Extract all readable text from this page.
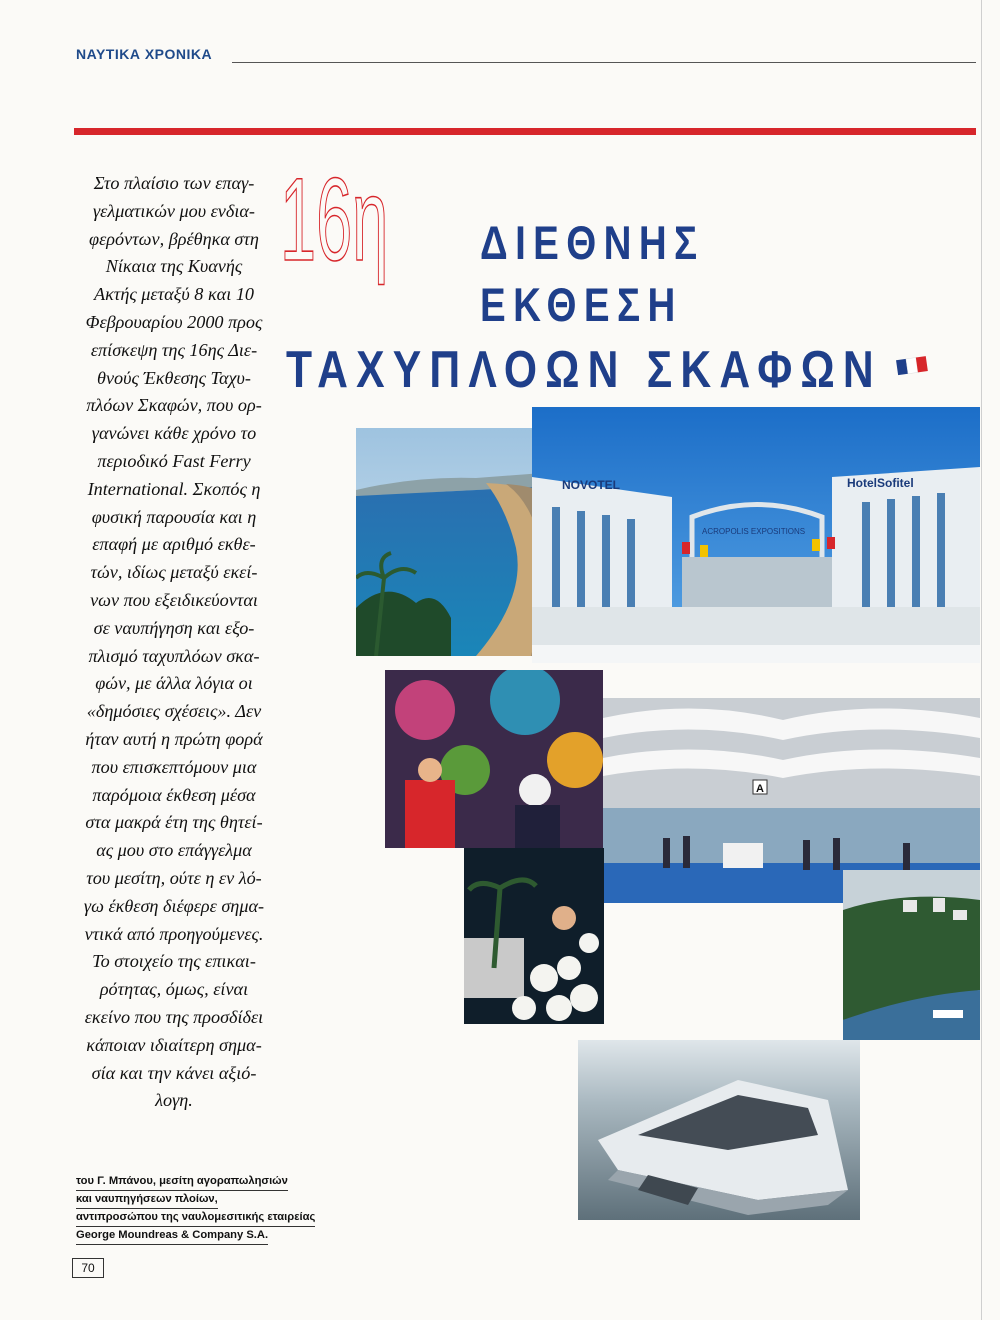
ΝΑΥΤΙΚΑ ΧΡΟΝΙΚΑ
Στο πλαίσιο των επαγ-
γελματικών μου ενδια-
φερόντων, βρέθηκα στη
Νίκαια της Κυανής
Ακτής μεταξύ 8 και 10
Φεβρουαρίου 2000 προς
επίσκεψη της 16ης Διε-
θνούς Έκθεσης Ταχυ-
πλόων Σκαφών, που ορ-
γανώνει κάθε χρόνο το
περιοδικό Fast Ferry
International. Σκοπός η
φυσική παρουσία και η
επαφή με αριθμό εκθε-
τών, ιδίως μεταξύ εκεί-
νων που εξειδικεύονται
σε ναυπήγηση και εξο-
πλισμό ταχυπλόων σκα-
φών, με άλλα λόγια οι
«δημόσιες σχέσεις». Δεν
ήταν αυτή η πρώτη φορά
που επισκεπτόμουν μια
παρόμοια έκθεση μέσα
στα μακρά έτη της θητεί-
ας μου στο επάγγελμα
του μεσίτη, ούτε η εν λό-
γω έκθεση διέφερε σημα-
ντικά από προηγούμενες.
Το στοιχείο της επικαι-
ρότητας, όμως, είναι
εκείνο που της προσδίδει
κάποιαν ιδιαίτερη σημα-
σία και την κάνει αξιό-
λογη.
16η ΔΙΕΘΝΗΣ
ΕΚΘΕΣΗ
ΤΑΧΥΠΛΟΩΝ ΣΚΑΦΩΝ
NOVOTEL	HotelSofitel
ACROPOLIS EXPOSITIONS
A
του Γ. Μπάνου, μεσίτη αγοραπωλησιών
και ναυπηγήσεων πλοίων,
αντιπροσώπου της ναυλομεσιτικής εταιρείας
George Moundreas & Company S.A.
70
